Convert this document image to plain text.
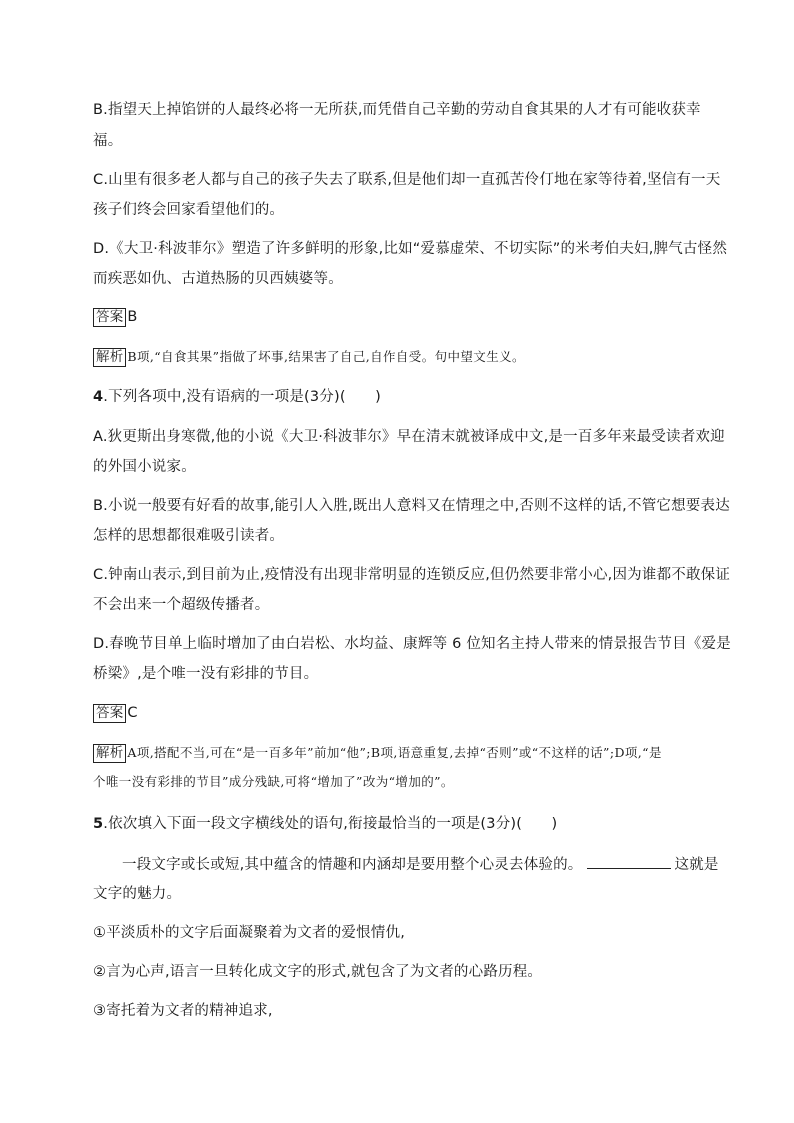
B.指望天上掉馅饼的人最终必将一无所获,而凭借自己辛勤的劳动自食其果的人才有可能收获幸
福。
C.山里有很多老人都与自己的孩子失去了联系,但是他们却一直孤苦伶仃地在家等待着,坚信有一天
孩子们终会回家看望他们的。
D.《大卫·科波菲尔》塑造了许多鲜明的形象,比如“爱慕虚荣、不切实际”的米考伯夫妇,脾气古怪然
而疾恶如仇、古道热肠的贝西姨婆等。
答案 B
解析 B项,“自食其果”指做了坏事,结果害了自己,自作自受。句中望文生义。
4.下列各项中,没有语病的一项是(3分)(　　)
A.狄更斯出身寒微,他的小说《大卫·科波菲尔》早在清末就被译成中文,是一百多年来最受读者欢迎
的外国小说家。
B.小说一般要有好看的故事,能引人入胜,既出人意料又在情理之中,否则不这样的话,不管它想要表达
怎样的思想都很难吸引读者。
C.钟南山表示,到目前为止,疫情没有出现非常明显的连锁反应,但仍然要非常小心,因为谁都不敢保证
不会出来一个超级传播者。
D.春晚节目单上临时增加了由白岩松、水均益、康辉等 6 位知名主持人带来的情景报告节目《爱是
桥梁》,是个唯一没有彩排的节目。
答案 C
解析 A项,搭配不当,可在“是一百多年”前加“他”;B项,语意重复,去掉“否则”或“不这样的话”;D项,“是
个唯一没有彩排的节目”成分残缺,可将“增加了”改为“增加的”。
5.依次填入下面一段文字横线处的语句,衔接最恰当的一项是(3分)(　　)
一段文字或长或短,其中蕴含的情趣和内涵却是要用整个心灵去体验的。	这就是
文字的魅力。
①平淡质朴的文字后面凝聚着为文者的爱恨情仇,
②言为心声,语言一旦转化成文字的形式,就包含了为文者的心路历程。
③寄托着为文者的精神追求,
